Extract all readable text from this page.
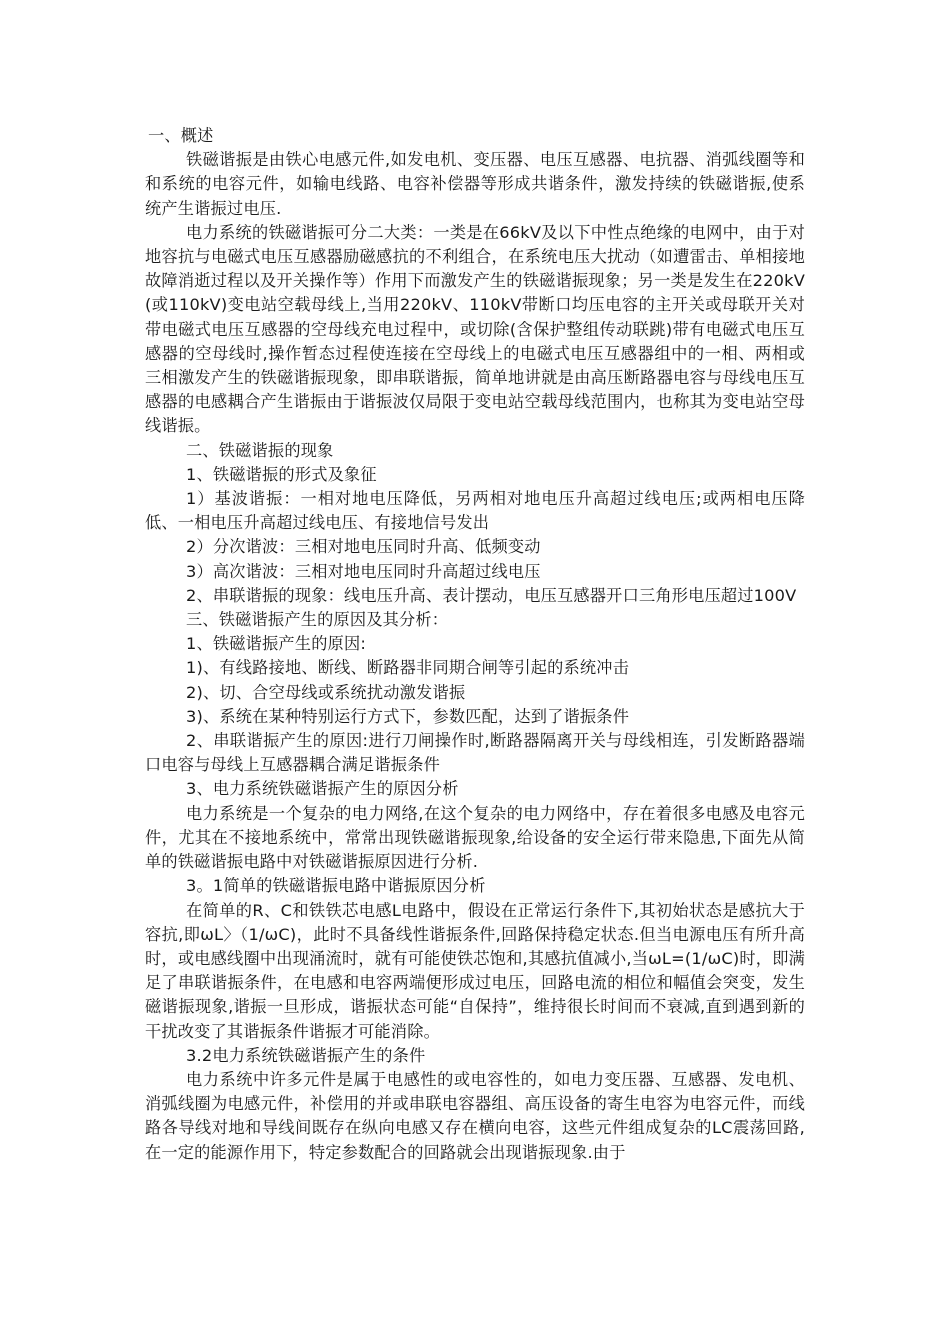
一、概述

铁磁谐振是由铁心电感元件,如发电机、变压器、电压互感器、电抗器、消弧线圈等和和系统的电容元件，如输电线路、电容补偿器等形成共谐条件，激发持续的铁磁谐振,使系统产生谐振过电压.

电力系统的铁磁谐振可分二大类：一类是在66kV及以下中性点绝缘的电网中，由于对地容抗与电磁式电压互感器励磁感抗的不利组合，在系统电压大扰动（如遭雷击、单相接地故障消逝过程以及开关操作等）作用下而激发产生的铁磁谐振现象；另一类是发生在220kV(或110kV)变电站空载母线上,当用220kV、110kV带断口均压电容的主开关或母联开关对带电磁式电压互感器的空母线充电过程中，或切除(含保护整组传动联跳)带有电磁式电压互感器的空母线时,操作暂态过程使连接在空母线上的电磁式电压互感器组中的一相、两相或三相激发产生的铁磁谐振现象，即串联谐振，简单地讲就是由高压断路器电容与母线电压互感器的电感耦合产生谐振由于谐振波仅局限于变电站空载母线范围内，也称其为变电站空母线谐振。

二、铁磁谐振的现象

1、铁磁谐振的形式及象征

1）基波谐振：一相对地电压降低，另两相对地电压升高超过线电压;或两相电压降低、一相电压升高超过线电压、有接地信号发出

2）分次谐波：三相对地电压同时升高、低频变动

3）高次谐波：三相对地电压同时升高超过线电压

2、串联谐振的现象：线电压升高、表计摆动，电压互感器开口三角形电压超过100V

三、铁磁谐振产生的原因及其分析：

1、铁磁谐振产生的原因:

1)、有线路接地、断线、断路器非同期合闸等引起的系统冲击

2)、切、合空母线或系统扰动激发谐振

3)、系统在某种特别运行方式下，参数匹配，达到了谐振条件

2、串联谐振产生的原因:进行刀闸操作时,断路器隔离开关与母线相连，引发断路器端口电容与母线上互感器耦合满足谐振条件

3、电力系统铁磁谐振产生的原因分析

电力系统是一个复杂的电力网络,在这个复杂的电力网络中，存在着很多电感及电容元件，尤其在不接地系统中，常常出现铁磁谐振现象,给设备的安全运行带来隐患,下面先从简单的铁磁谐振电路中对铁磁谐振原因进行分析.

3。1简单的铁磁谐振电路中谐振原因分析

在简单的R、C和铁铁芯电感L电路中，假设在正常运行条件下,其初始状态是感抗大于容抗,即ωL〉（1/ωC)，此时不具备线性谐振条件,回路保持稳定状态.但当电源电压有所升高时，或电感线圈中出现涌流时，就有可能使铁芯饱和,其感抗值减小,当ωL=(1/ωC)时，即满足了串联谐振条件，在电感和电容两端便形成过电压，回路电流的相位和幅值会突变，发生磁谐振现象,谐振一旦形成，谐振状态可能“自保持”，维持很长时间而不衰减,直到遇到新的干扰改变了其谐振条件谐振才可能消除。

3.2电力系统铁磁谐振产生的条件

电力系统中许多元件是属于电感性的或电容性的，如电力变压器、互感器、发电机、消弧线圈为电感元件，补偿用的并或串联电容器组、高压设备的寄生电容为电容元件，而线路各导线对地和导线间既存在纵向电感又存在横向电容，这些元件组成复杂的LC震荡回路,在一定的能源作用下，特定参数配合的回路就会出现谐振现象.由于
